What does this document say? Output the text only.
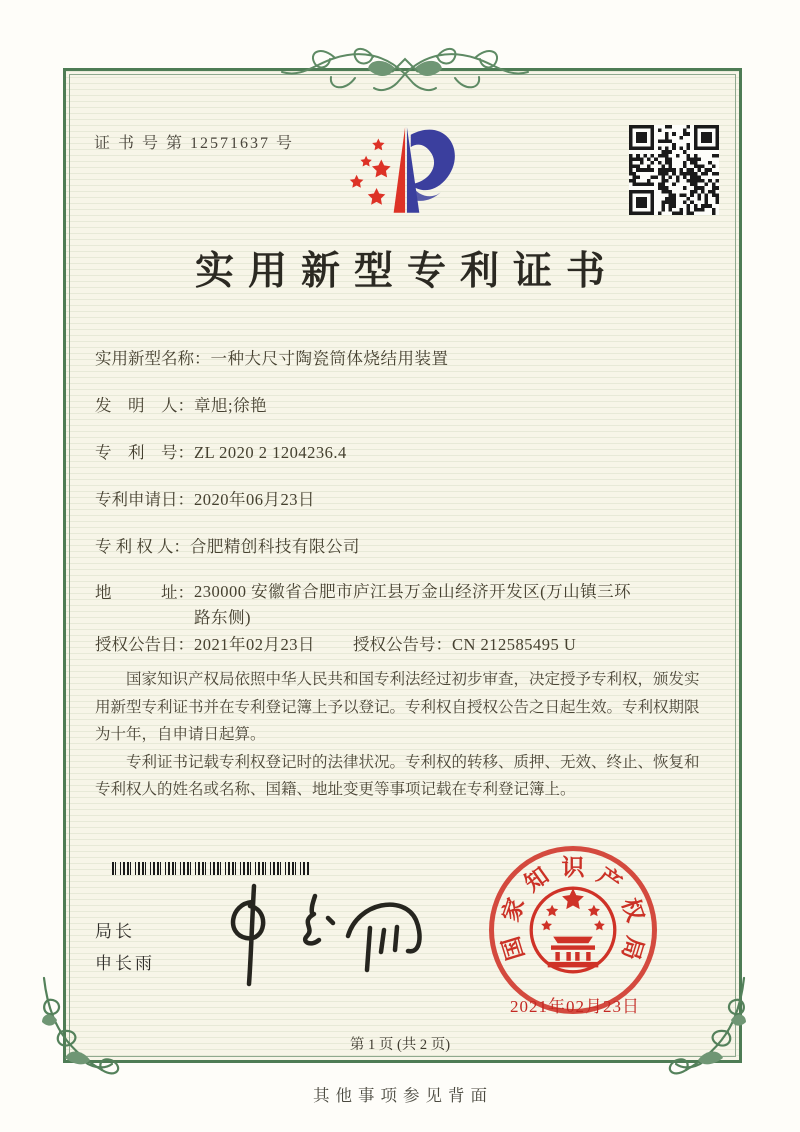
证 书 号 第 12571637 号
实用新型专利证书
实用新型名称：一种大尺寸陶瓷筒体烧结用装置
发　明　人：章旭;徐艳
专　利　号：ZL 2020 2 1204236.4
专利申请日：2020年06月23日
专 利 权 人：合肥精创科技有限公司
地　　　址：230000 安徽省合肥市庐江县万金山经济开发区(万山镇三环路东侧)
授权公告日：2021年02月23日 授权公告号：CN 212585495 U

国家知识产权局依照中华人民共和国专利法经过初步审查，决定授予专利权，颁发实用新型专利证书并在专利登记簿上予以登记。专利权自授权公告之日起生效。专利权期限为十年，自申请日起算。

专利证书记载专利权登记时的法律状况。专利权的转移、质押、无效、终止、恢复和专利权人的姓名或名称、国籍、地址变更等事项记载在专利登记簿上。

局长
申长雨
国
家
知 识 产
权
局
2021年02月23日
第 1 页 (共 2 页)
其他事项参见背面
